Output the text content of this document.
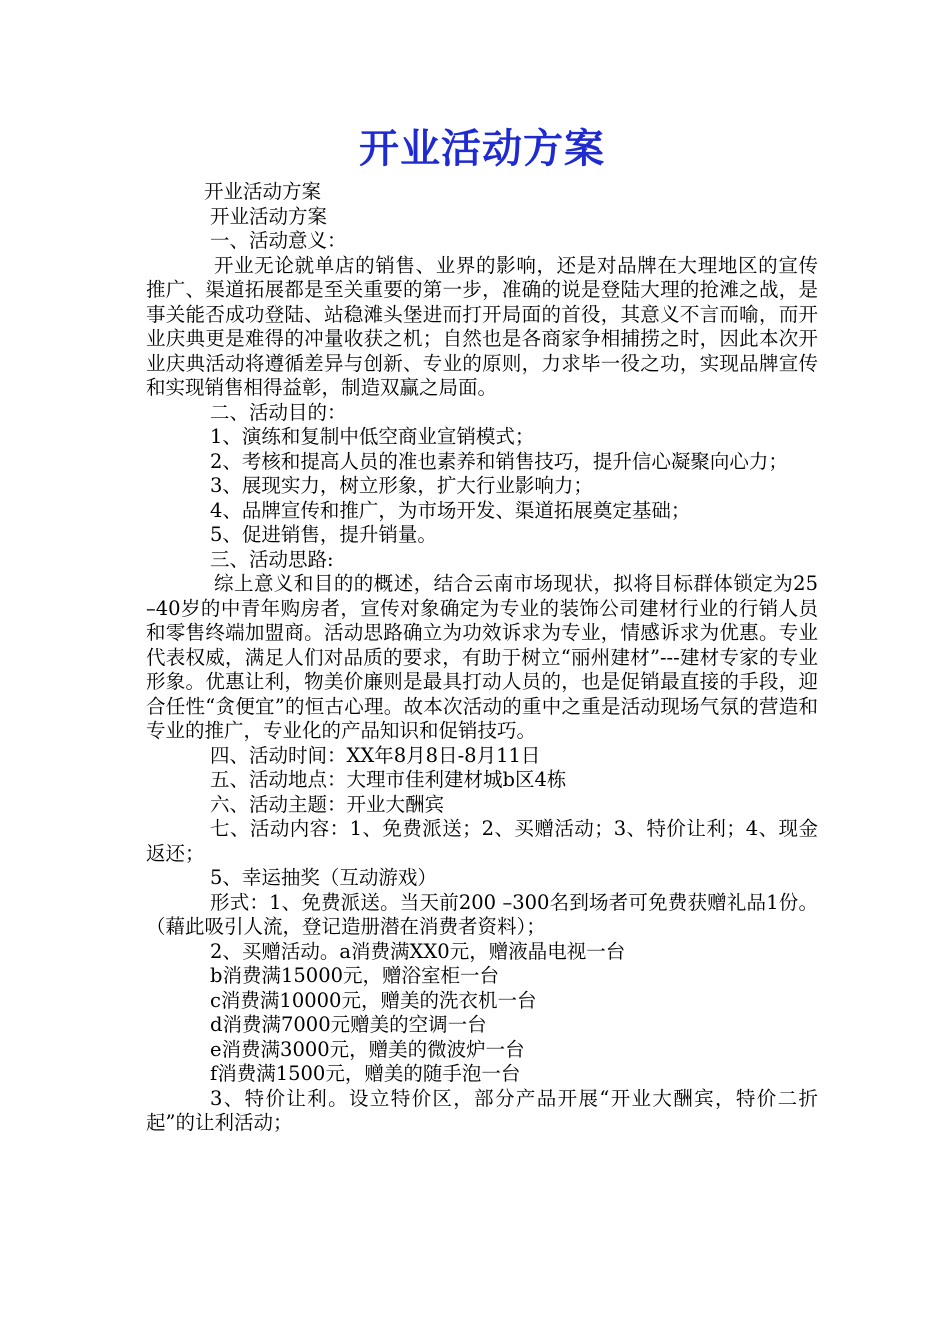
开业活动方案

开业活动方案

开业活动方案

一、活动意义：

开业无论就单店的销售、业界的影响，还是对品牌在大理地区的宣传推广、渠道拓展都是至关重要的第一步，准确的说是登陆大理的抢滩之战，是事关能否成功登陆、站稳滩头堡进而打开局面的首役，其意义不言而喻，而开业庆典更是难得的冲量收获之机；自然也是各商家争相捕捞之时，因此本次开业庆典活动将遵循差异与创新、专业的原则，力求毕一役之功，实现品牌宣传和实现销售相得益彰，制造双赢之局面。

二、活动目的：

1、演练和复制中低空商业宣销模式；

2、考核和提高人员的准也素养和销售技巧，提升信心凝聚向心力；

3、展现实力，树立形象，扩大行业影响力；

4、品牌宣传和推广，为市场开发、渠道拓展奠定基础；

5、促进销售，提升销量。

三、活动思路:

综上意义和目的的概述，结合云南市场现状，拟将目标群体锁定为25 –40岁的中青年购房者，宣传对象确定为专业的装饰公司建材行业的行销人员和零售终端加盟商。活动思路确立为功效诉求为专业，情感诉求为优惠。专业代表权威，满足人们对品质的要求，有助于树立“丽州建材”---建材专家的专业形象。优惠让利，物美价廉则是最具打动人员的，也是促销最直接的手段，迎合任性“贪便宜”的恒古心理。故本次活动的重中之重是活动现场气氛的营造和专业的推广，专业化的产品知识和促销技巧。

四、活动时间：XX年8月8日-8月11日

五、活动地点：大理市佳利建材城b区4栋

六、活动主题：开业大酬宾

七、活动内容：1、免费派送；2、买赠活动；3、特价让利；4、现金返还；

5、幸运抽奖（互动游戏）

形式：1、免费派送。当天前200 –300名到场者可免费获赠礼品1份。（藉此吸引人流，登记造册潜在消费者资料）；

2、买赠活动。a消费满XX0元，赠液晶电视一台

b消费满15000元，赠浴室柜一台

c消费满10000元，赠美的洗衣机一台

d消费满7000元赠美的空调一台

e消费满3000元，赠美的微波炉一台

f消费满1500元，赠美的随手泡一台

3、特价让利。设立特价区，部分产品开展“开业大酬宾，特价二折起”的让利活动；
